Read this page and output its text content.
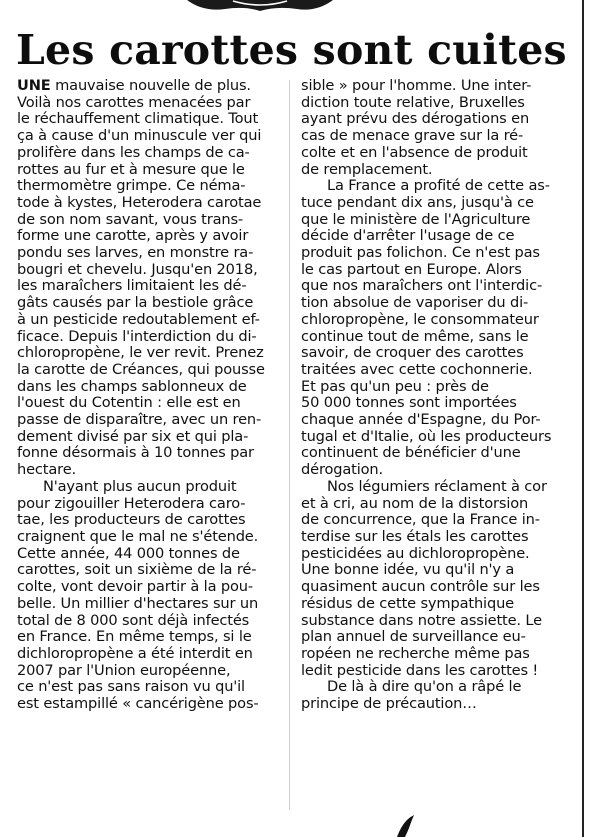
Les carottes sont cuites

UNE mauvaise nouvelle de plus.
Voilà nos carottes menacées par
le réchauffement climatique. Tout
ça à cause d'un minuscule ver qui
prolifère dans les champs de ca-
rottes au fur et à mesure que le
thermomètre grimpe. Ce néma-
tode à kystes, Heterodera carotae
de son nom savant, vous trans-
forme une carotte, après y avoir
pondu ses larves, en monstre ra-
bougri et chevelu. Jusqu'en 2018,
les maraîchers limitaient les dé-
gâts causés par la bestiole grâce
à un pesticide redoutablement ef-
ficace. Depuis l'interdiction du di-
chloropropène, le ver revit. Prenez
la carotte de Créances, qui pousse
dans les champs sablonneux de
l'ouest du Cotentin : elle est en
passe de disparaître, avec un ren-
dement divisé par six et qui pla-
fonne désormais à 10 tonnes par
hectare.

N'ayant plus aucun produit
pour zigouiller Heterodera caro-
tae, les producteurs de carottes
craignent que le mal ne s'étende.
Cette année, 44 000 tonnes de
carottes, soit un sixième de la ré-
colte, vont devoir partir à la pou-
belle. Un millier d'hectares sur un
total de 8 000 sont déjà infectés
en France. En même temps, si le
dichloropropène a été interdit en
2007 par l'Union européenne,
ce n'est pas sans raison vu qu'il
est estampillé « cancérigène pos-

sible » pour l'homme. Une inter-
diction toute relative, Bruxelles
ayant prévu des dérogations en
cas de menace grave sur la ré-
colte et en l'absence de produit
de remplacement.

La France a profité de cette as-
tuce pendant dix ans, jusqu'à ce
que le ministère de l'Agriculture
décide d'arrêter l'usage de ce
produit pas folichon. Ce n'est pas
le cas partout en Europe. Alors
que nos maraîchers ont l'interdic-
tion absolue de vaporiser du di-
chloropropène, le consommateur
continue tout de même, sans le
savoir, de croquer des carottes
traitées avec cette cochonnerie.
Et pas qu'un peu : près de
50 000 tonnes sont importées
chaque année d'Espagne, du Por-
tugal et d'Italie, où les producteurs
continuent de bénéficier d'une
dérogation.

Nos légumiers réclament à cor
et à cri, au nom de la distorsion
de concurrence, que la France in-
terdise sur les étals les carottes
pesticidées au dichloropropène.
Une bonne idée, vu qu'il n'y a
quasiment aucun contrôle sur les
résidus de cette sympathique
substance dans notre assiette. Le
plan annuel de surveillance eu-
ropéen ne recherche même pas
ledit pesticide dans les carottes !

De là à dire qu'on a râpé le
principe de précaution…
